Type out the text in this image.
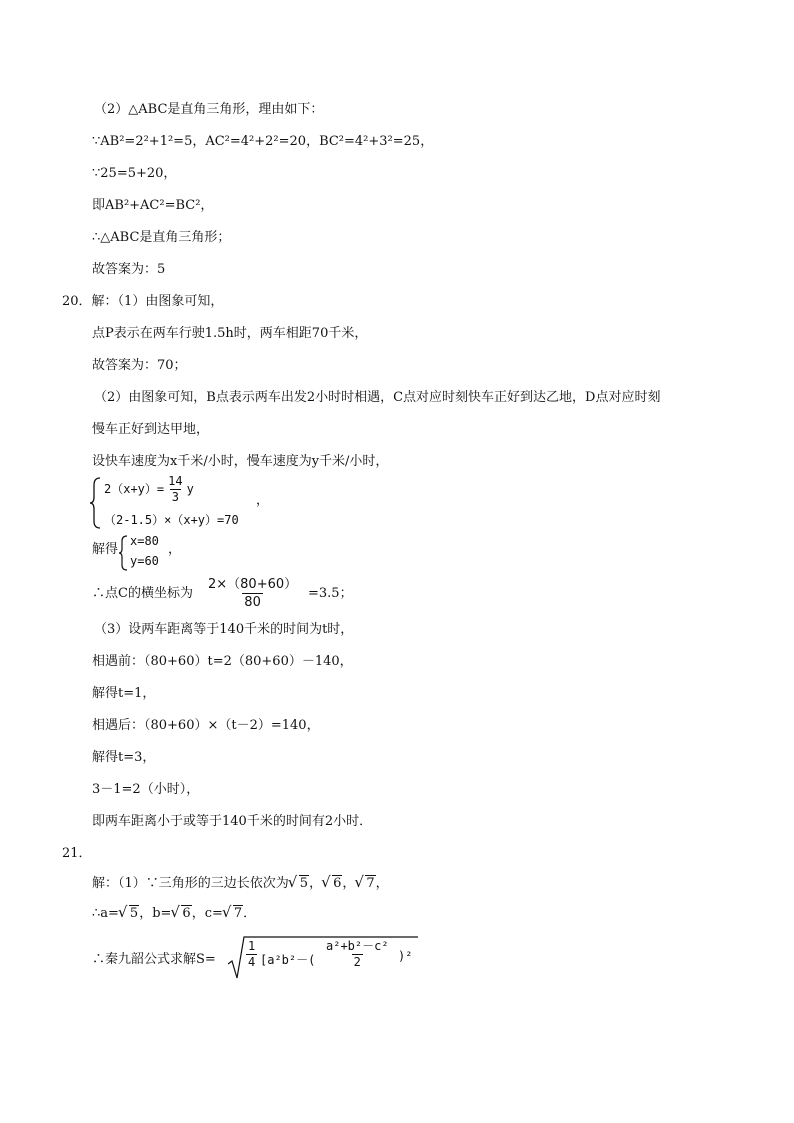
（2）△ABC是直角三角形，理由如下：
∵AB²=2²+1²=5，AC²=4²+2²=20，BC²=4²+3²=25，
∵25=5+20，
即AB²+AC²=BC²，
∴△ABC是直角三角形；
故答案为：5
20．解：（1）由图象可知，
点P表示在两车行驶1.5h时，两车相距70千米，
故答案为：70；
（2）由图象可知，B点表示两车出发2小时时相遇，C点对应时刻快车正好到达乙地，D点对应时刻
慢车正好到达甲地，
设快车速度为x千米/小时，慢车速度为y千米/小时，
$2(x+y)= \frac{14}{3}$ y
（2-1.5）×（x+y）=70
，
解得
x=80
y=60
，
∴点C的横坐标为 $\frac{2\times(80+60)}{80} =3.5$；
（3）设两车距离等于140千米的时间为t时，
相遇前：（80+60）t=2（80+60）－140，
解得t=1，
相遇后：（80+60）×（t－2）=140，
解得t=3，
3－1=2（小时），
即两车距离小于或等于140千米的时间有2小时．
21．
解：（1）∵三角形的三边长依次为 √ 5， √ 6， √ 7，
∴a= √ 5，b= √ 6，c= √ 7．
∴秦九韶公式求解S=	$\frac{1}{4} [a^2b^2-( \frac{\text{a²+b²－c²}}{2} )^2$
